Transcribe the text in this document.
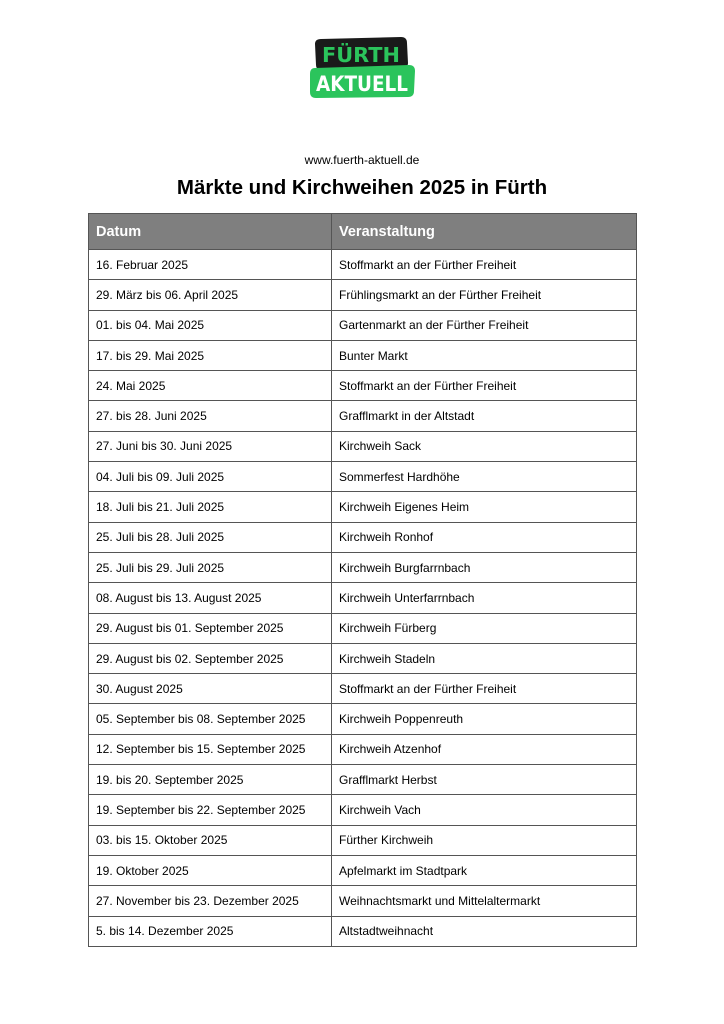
FÜRTH
AKTUELL
www.fuerth-aktuell.de
Märkte und Kirchweihen 2025 in Fürth
Datum	Veranstaltung
16. Februar 2025	Stoffmarkt an der Fürther Freiheit
29. März bis 06. April 2025	Frühlingsmarkt an der Fürther Freiheit
01. bis 04. Mai 2025	Gartenmarkt an der Fürther Freiheit
17. bis 29. Mai 2025	Bunter Markt
24. Mai 2025	Stoffmarkt an der Fürther Freiheit
27. bis 28. Juni 2025	Grafflmarkt in der Altstadt
27. Juni bis 30. Juni 2025	Kirchweih Sack
04. Juli bis 09. Juli 2025	Sommerfest Hardhöhe
18. Juli bis 21. Juli 2025	Kirchweih Eigenes Heim
25. Juli bis 28. Juli 2025	Kirchweih Ronhof
25. Juli bis 29. Juli 2025	Kirchweih Burgfarrnbach
08. August bis 13. August 2025	Kirchweih Unterfarrnbach
29. August bis 01. September 2025	Kirchweih Fürberg
29. August bis 02. September 2025	Kirchweih Stadeln
30. August 2025	Stoffmarkt an der Fürther Freiheit
05. September bis 08. September 2025	Kirchweih Poppenreuth
12. September bis 15. September 2025	Kirchweih Atzenhof
19. bis 20. September 2025	Grafflmarkt Herbst
19. September bis 22. September 2025	Kirchweih Vach
03. bis 15. Oktober 2025	Fürther Kirchweih
19. Oktober 2025	Apfelmarkt im Stadtpark
27. November bis 23. Dezember 2025	Weihnachtsmarkt und Mittelaltermarkt
5. bis 14. Dezember 2025	Altstadtweihnacht
